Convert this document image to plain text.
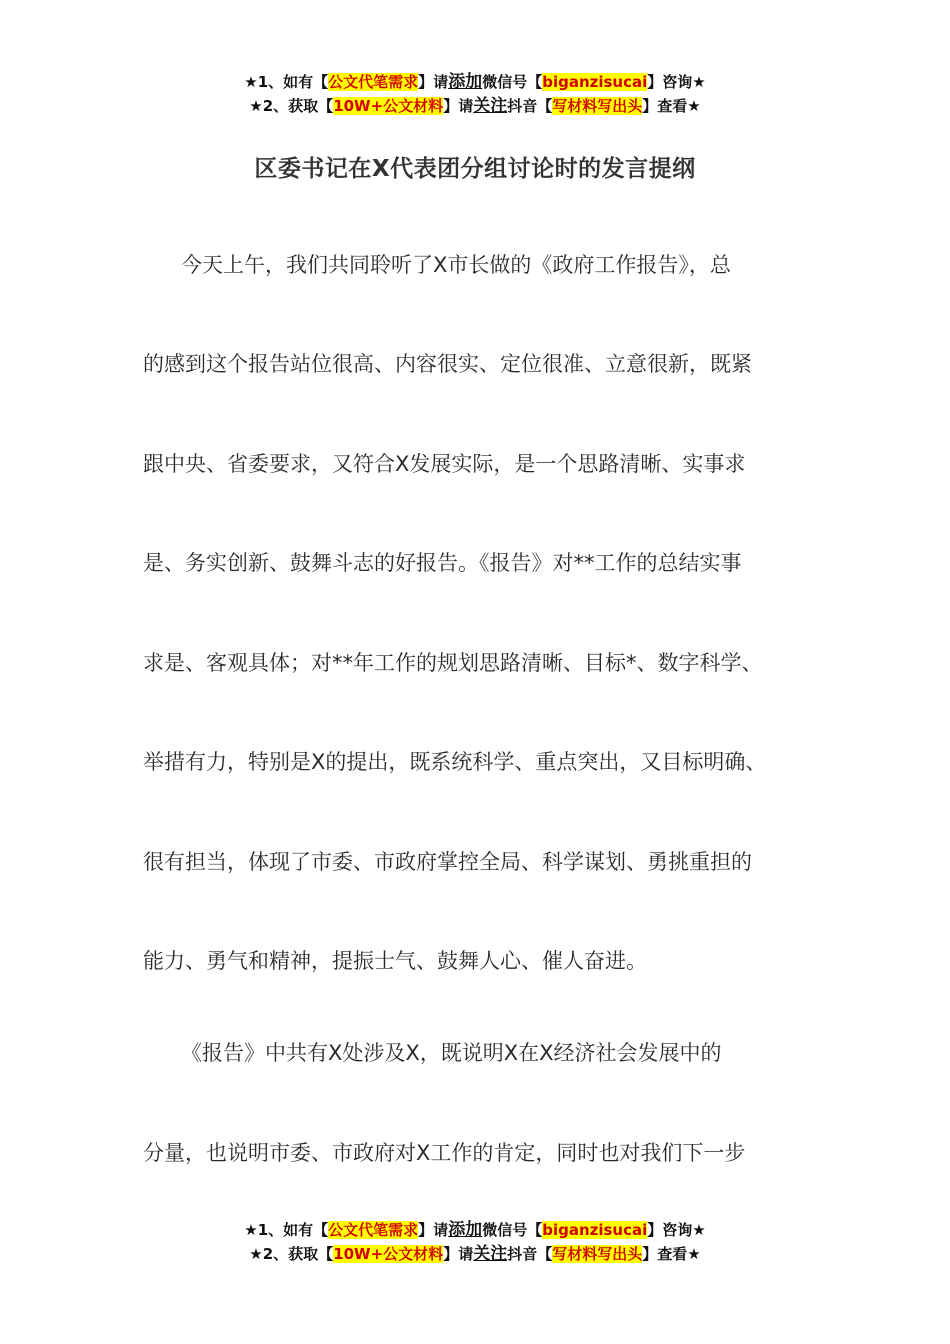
★1、如有【公文代笔需求】请添加微信号【biganzisucai】咨询★
★2、获取【10W+公文材料】请关注抖音【写材料写出头】查看★
区委书记在X代表团分组讨论时的发言提纲
今天上午，我们共同聆听了X市长做的《政府工作报告》，总
的感到这个报告站位很高、内容很实、定位很准、立意很新，既紧
跟中央、省委要求，又符合X发展实际，是一个思路清晰、实事求
是、务实创新、鼓舞斗志的好报告。《报告》对**工作的总结实事
求是、客观具体；对**年工作的规划思路清晰、目标*、数字科学、
举措有力，特别是X的提出，既系统科学、重点突出，又目标明确、
很有担当，体现了市委、市政府掌控全局、科学谋划、勇挑重担的
能力、勇气和精神，提振士气、鼓舞人心、催人奋进。
《报告》中共有X处涉及X，既说明X在X经济社会发展中的
分量，也说明市委、市政府对X工作的肯定，同时也对我们下一步
★1、如有【公文代笔需求】请添加微信号【biganzisucai】咨询★
★2、获取【10W+公文材料】请关注抖音【写材料写出头】查看★
